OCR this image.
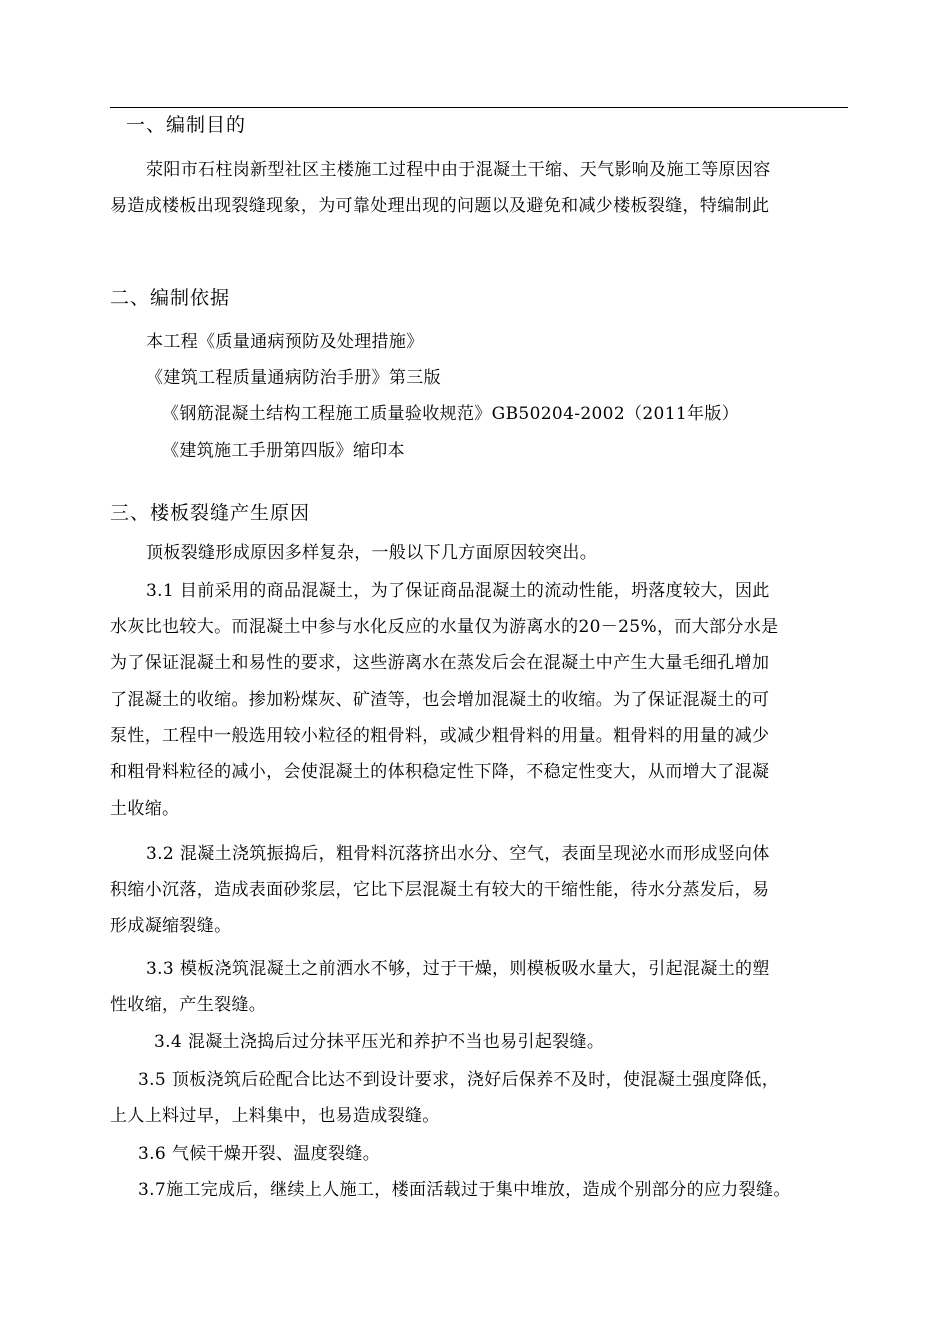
一、编制目的
荥阳市石柱岗新型社区主楼施工过程中由于混凝土干缩、天气影响及施工等原因容
易造成楼板出现裂缝现象，为可靠处理出现的问题以及避免和减少楼板裂缝，特编制此
二、编制依据
本工程《质量通病预防及处理措施》
《建筑工程质量通病防治手册》第三版
《钢筋混凝土结构工程施工质量验收规范》GB50204-2002（2011年版）
《建筑施工手册第四版》缩印本
三、楼板裂缝产生原因
顶板裂缝形成原因多样复杂，一般以下几方面原因较突出。
3.1 目前采用的商品混凝土，为了保证商品混凝土的流动性能，坍落度较大，因此
水灰比也较大。而混凝土中参与水化反应的水量仅为游离水的20－25%，而大部分水是
为了保证混凝土和易性的要求，这些游离水在蒸发后会在混凝土中产生大量毛细孔增加
了混凝土的收缩。掺加粉煤灰、矿渣等，也会增加混凝土的收缩。为了保证混凝土的可
泵性，工程中一般选用较小粒径的粗骨料，或减少粗骨料的用量。粗骨料的用量的减少
和粗骨料粒径的减小，会使混凝土的体积稳定性下降，不稳定性变大，从而增大了混凝
土收缩。
3.2 混凝土浇筑振捣后，粗骨料沉落挤出水分、空气，表面呈现泌水而形成竖向体
积缩小沉落，造成表面砂浆层，它比下层混凝土有较大的干缩性能，待水分蒸发后，易
形成凝缩裂缝。
3.3 模板浇筑混凝土之前洒水不够，过于干燥，则模板吸水量大，引起混凝土的塑
性收缩，产生裂缝。
3.4 混凝土浇捣后过分抹平压光和养护不当也易引起裂缝。
3.5 顶板浇筑后砼配合比达不到设计要求，浇好后保养不及时，使混凝土强度降低，
上人上料过早，上料集中，也易造成裂缝。
3.6 气候干燥开裂、温度裂缝。
3.7施工完成后，继续上人施工，楼面活载过于集中堆放，造成个别部分的应力裂缝。
